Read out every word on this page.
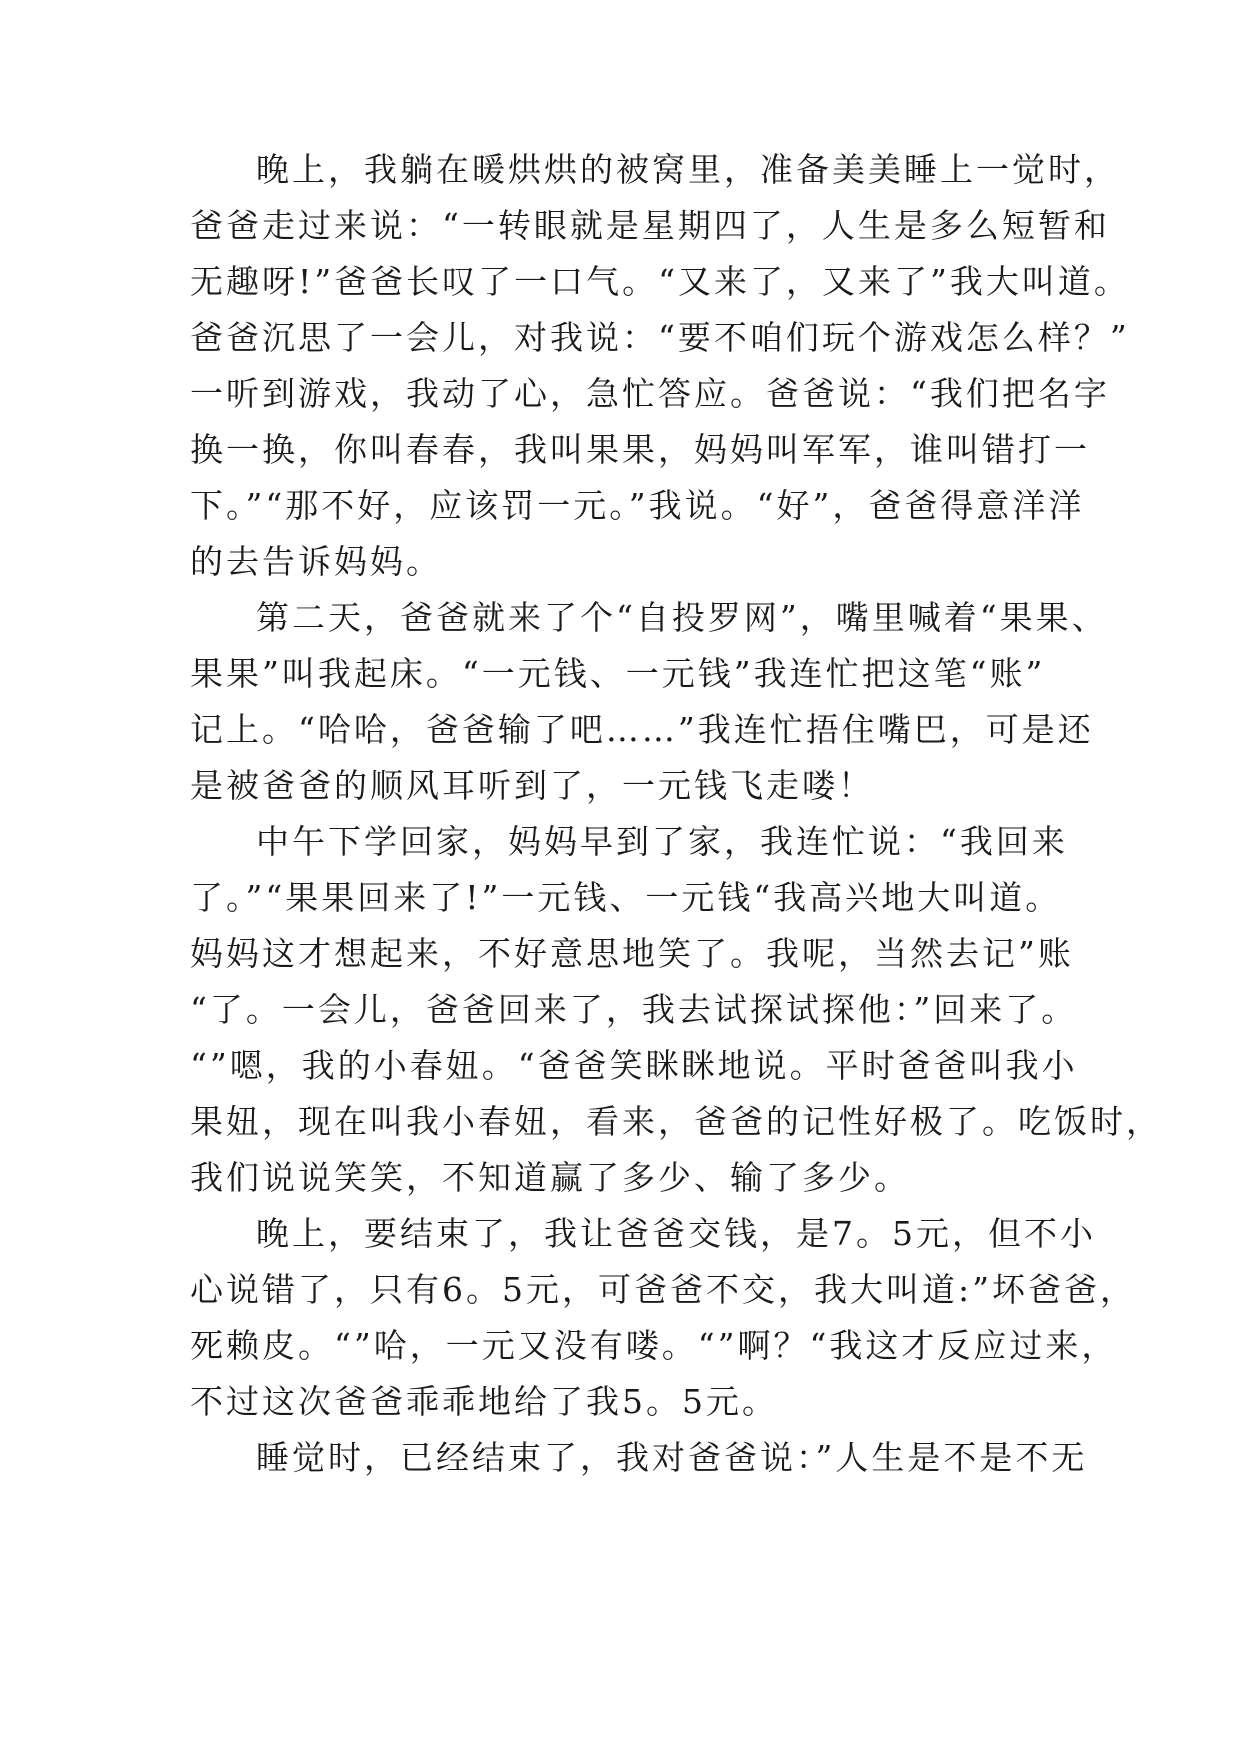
晚上，我躺在暖烘烘的被窝里，准备美美睡上一觉时，
爸爸走过来说：“一转眼就是星期四了，人生是多么短暂和
无趣呀!”爸爸长叹了一口气。“又来了，又来了”我大叫道。
爸爸沉思了一会儿，对我说：“要不咱们玩个游戏怎么样？”
一听到游戏，我动了心，急忙答应。爸爸说：“我们把名字
换一换，你叫春春，我叫果果，妈妈叫军军，谁叫错打一
下。”“那不好，应该罚一元。”我说。“好”，爸爸得意洋洋
的去告诉妈妈。
第二天，爸爸就来了个“自投罗网”，嘴里喊着“果果、
果果”叫我起床。“一元钱、一元钱”我连忙把这笔“账”
记上。“哈哈，爸爸输了吧……”我连忙捂住嘴巴，可是还
是被爸爸的顺风耳听到了，一元钱飞走喽！
中午下学回家，妈妈早到了家，我连忙说：“我回来
了。”“果果回来了!”一元钱、一元钱“我高兴地大叫道。
妈妈这才想起来，不好意思地笑了。我呢，当然去记”账
“了。一会儿，爸爸回来了，我去试探试探他：”回来了。
“”嗯，我的小春妞。“爸爸笑眯眯地说。平时爸爸叫我小
果妞，现在叫我小春妞，看来，爸爸的记性好极了。吃饭时，
我们说说笑笑，不知道赢了多少、输了多少。
晚上，要结束了，我让爸爸交钱，是7。5元，但不小
心说错了，只有6。5元，可爸爸不交，我大叫道:”坏爸爸，
死赖皮。“”哈，一元又没有喽。“”啊？“我这才反应过来，
不过这次爸爸乖乖地给了我5。5元。
睡觉时，已经结束了，我对爸爸说：”人生是不是不无
